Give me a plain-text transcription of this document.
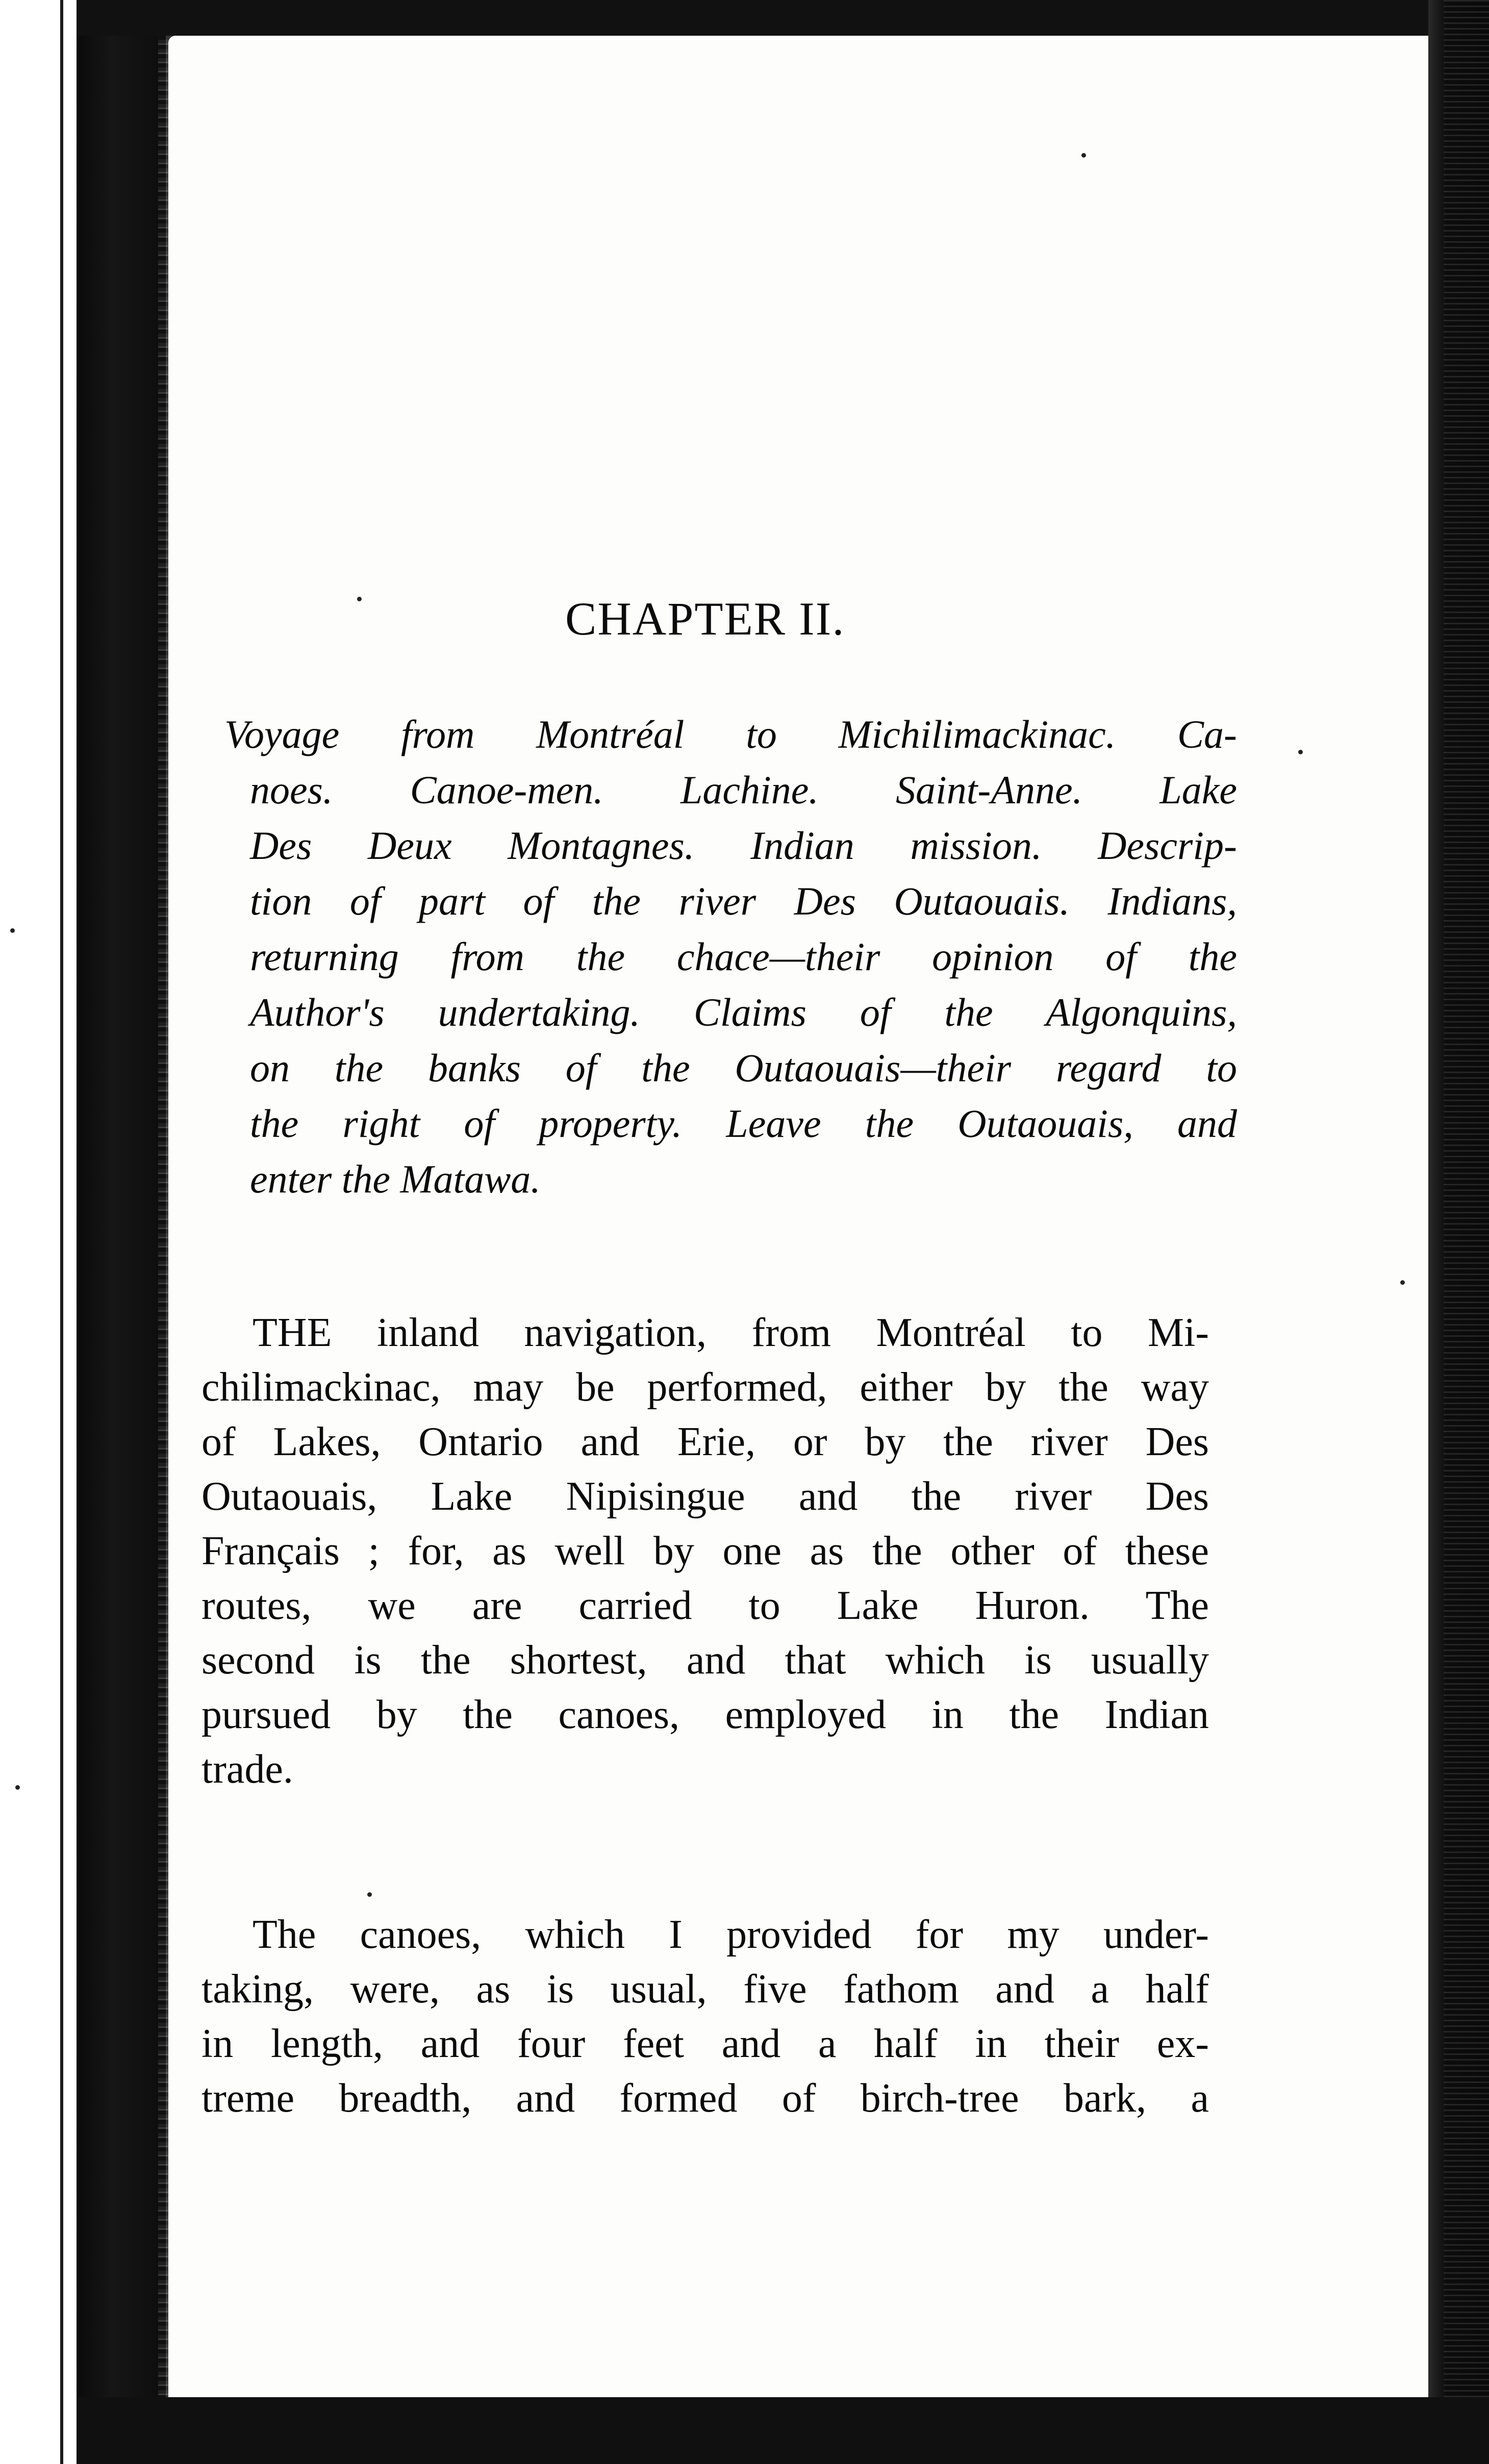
CHAPTER II.
Voyage from Montréal to Michilimackinac. Ca-
noes. Canoe-men. Lachine. Saint-Anne. Lake
Des Deux Montagnes. Indian mission. Descrip-
tion of part of the river Des Outaouais. Indians,
returning from the chace—their opinion of the
Author's undertaking. Claims of the Algonquins,
on the banks of the Outaouais—their regard to
the right of property. Leave the Outaouais, and
enter the Matawa.
THE inland navigation, from Montréal to Mi-
chilimackinac, may be performed, either by the way
of Lakes, Ontario and Erie, or by the river Des
Outaouais, Lake Nipisingue and the river Des
Français ; for, as well by one as the other of these
routes, we are carried to Lake Huron. The
second is the shortest, and that which is usually
pursued by the canoes, employed in the Indian
trade.
The canoes, which I provided for my under-
taking, were, as is usual, five fathom and a half
in length, and four feet and a half in their ex-
treme breadth, and formed of birch-tree bark, a
